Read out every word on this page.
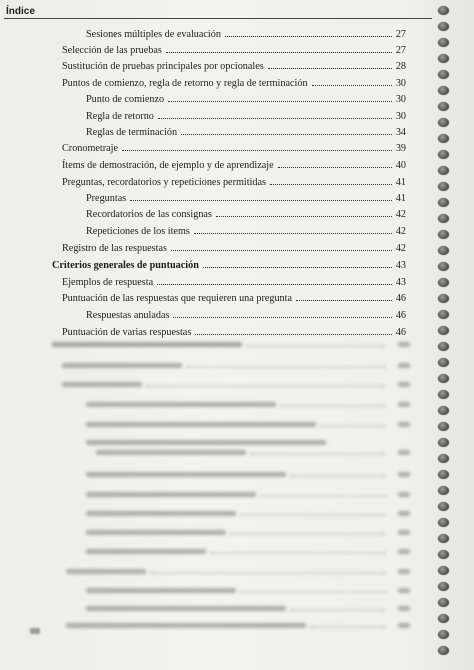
Índice
Sesiones múltiples de evaluación	27
Selección de las pruebas	27
Sustitución de pruebas principales por opcionales	28
Puntos de comienzo, regla de retorno y regla de terminación	30
Punto de comienzo	30
Regla de retorno	30
Reglas de terminación	34
Cronometraje	39
Ítems de demostración, de ejemplo y de aprendizaje	40
Preguntas, recordatorios y repeticiones permitidas	41
Preguntas	41
Recordatorios de las consignas	42
Repeticiones de los ítems	42
Registro de las respuestas	42
Criterios generales de puntuación	43
Ejemplos de respuesta	43
Puntuación de las respuestas que requieren una pregunta	46
Respuestas anuladas	46
Puntuación de varias respuestas	46
